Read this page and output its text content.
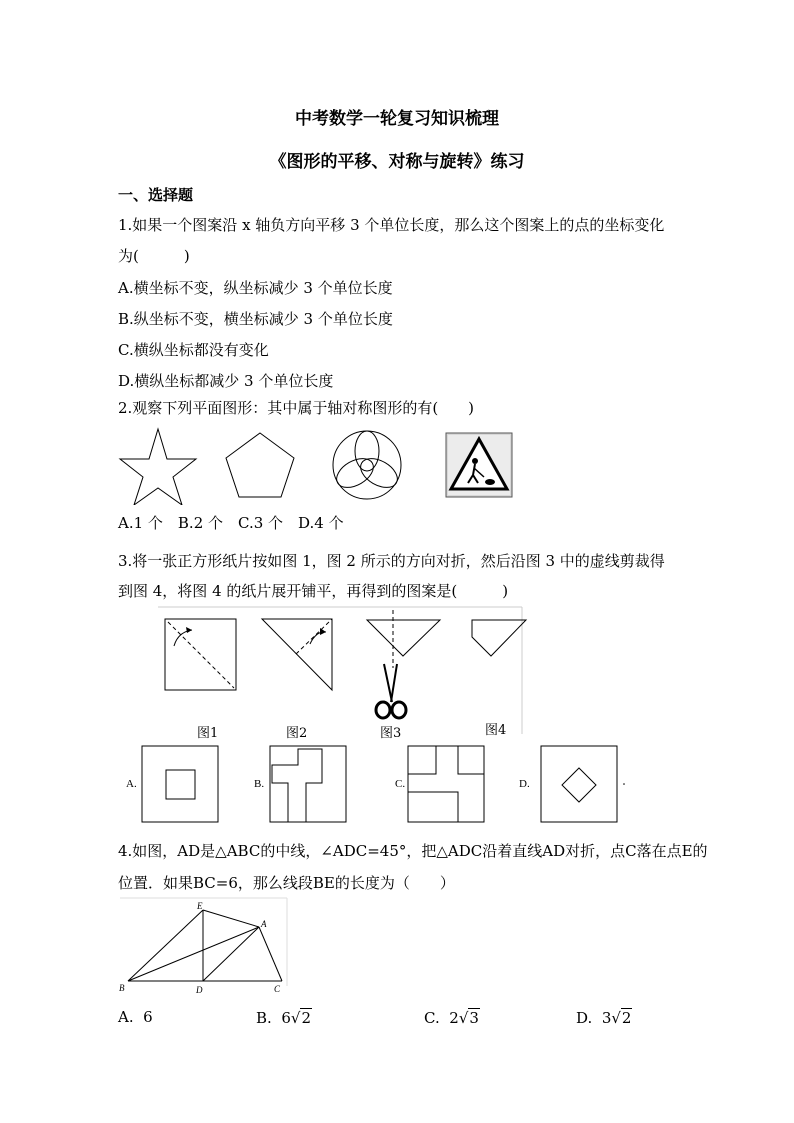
中考数学一轮复习知识梳理
《图形的平移、对称与旋转》练习
一、选择题
1.如果一个图案沿 x 轴负方向平移 3 个单位长度，那么这个图案上的点的坐标变化
为(　　　)
A.横坐标不变，纵坐标减少 3 个单位长度
B.纵坐标不变，横坐标减少 3 个单位长度
C.横纵坐标都没有变化
D.横纵坐标都减少 3 个单位长度
2.观察下列平面图形：其中属于轴对称图形的有(　　)
A.1 个　B.2 个　C.3 个　D.4 个
3.将一张正方形纸片按如图 1，图 2 所示的方向对折，然后沿图 3 中的虚线剪裁得
到图 4，将图 4 的纸片展开铺平，再得到的图案是(　　　)
图1	图2	图3	图4
A.	B.	C.	D.
4.如图，AD是△ABC的中线，∠ADC=45°，把△ADC沿着直线AD对折，点C落在点E的
位置．如果BC=6，那么线段BE的长度为（　　）
E
A
B	D	C
A. 6	B. 6√2	C. 2√3	D. 3√2
